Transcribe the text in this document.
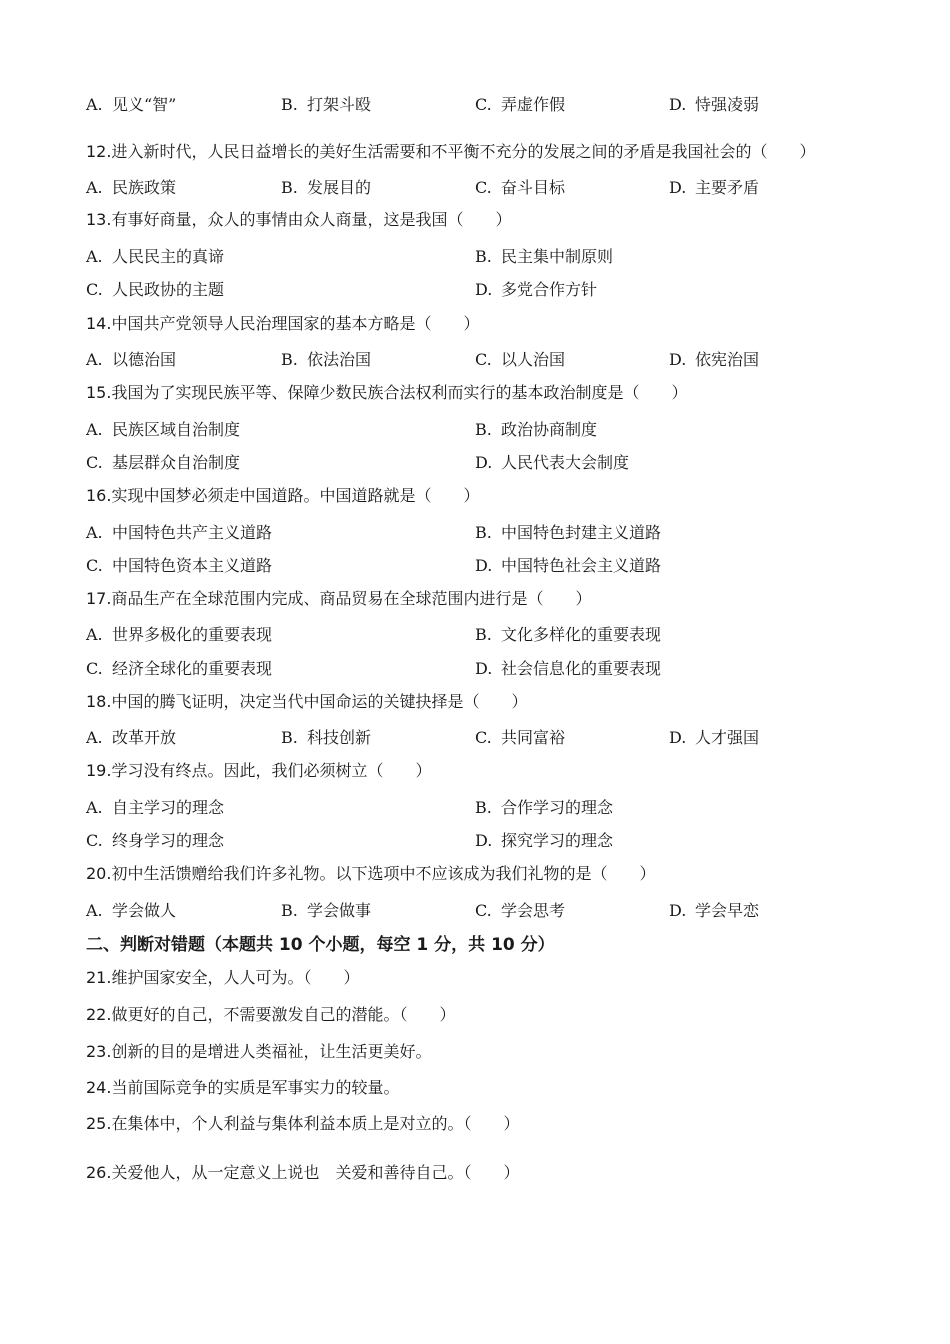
A. 见义“智”	B. 打架斗殴	C. 弄虚作假	D. 恃强凌弱
12.进入新时代，人民日益增长的美好生活需要和不平衡不充分的发展之间的矛盾是我国社会的（　　）
A. 民族政策	B. 发展目的	C. 奋斗目标	D. 主要矛盾
13.有事好商量，众人的事情由众人商量，这是我国（　　）
A. 人民民主的真谛	B. 民主集中制原则
C. 人民政协的主题	D. 多党合作方针
14.中国共产党领导人民治理国家的基本方略是（　　）
A. 以德治国	B. 依法治国	C. 以人治国	D. 依宪治国
15.我国为了实现民族平等、保障少数民族合法权利而实行的基本政治制度是（　　）
A. 民族区域自治制度	B. 政治协商制度
C. 基层群众自治制度	D. 人民代表大会制度
16.实现中国梦必须走中国道路。中国道路就是（　　）
A. 中国特色共产主义道路	B. 中国特色封建主义道路
C. 中国特色资本主义道路	D. 中国特色社会主义道路
17.商品生产在全球范围内完成、商品贸易在全球范围内进行是（　　）
A. 世界多极化的重要表现	B. 文化多样化的重要表现
C. 经济全球化的重要表现	D. 社会信息化的重要表现
18.中国的腾飞证明，决定当代中国命运的关键抉择是（　　）
A. 改革开放	B. 科技创新	C. 共同富裕	D. 人才强国
19.学习没有终点。因此，我们必须树立（　　）
A. 自主学习的理念	B. 合作学习的理念
C. 终身学习的理念	D. 探究学习的理念
20.初中生活馈赠给我们许多礼物。以下选项中不应该成为我们礼物的是（　　）
A. 学会做人	B. 学会做事	C. 学会思考	D. 学会早恋
二、判断对错题（本题共 10 个小题，每空 1 分，共 10 分）
21.维护国家安全，人人可为。（　　）
22.做更好的自己，不需要激发自己的潜能。（　　）
23.创新的目的是增进人类福祉，让生活更美好。
24.当前国际竞争的实质是军事实力的较量。
25.在集体中，个人利益与集体利益本质上是对立的。（　　）
26.关爱他人，从一定意义上说也　关爱和善待自己。（　　）
